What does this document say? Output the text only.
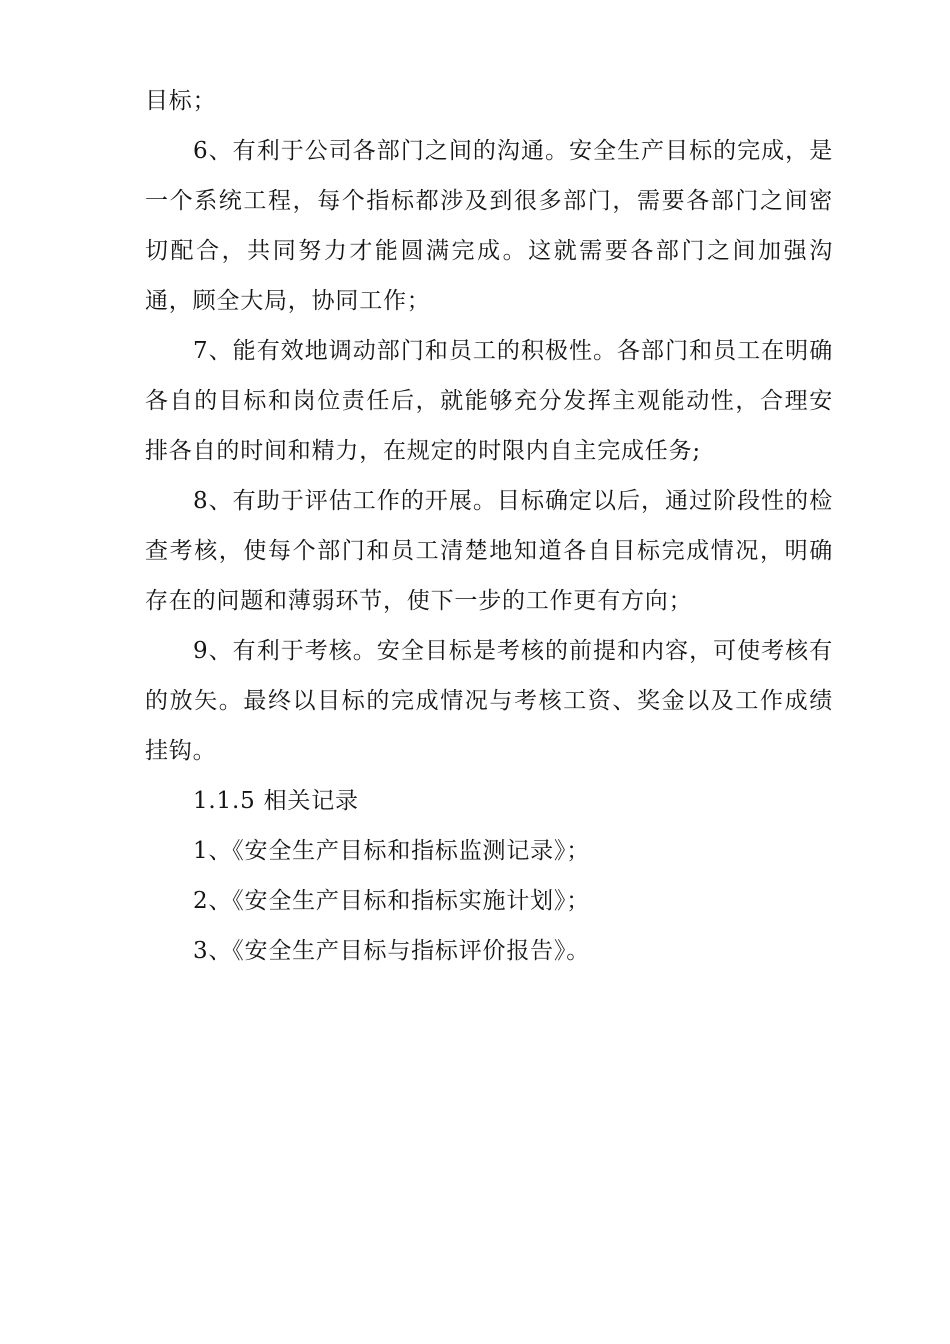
目标；

6、有利于公司各部门之间的沟通。安全生产目标的完成，是一个系统工程，每个指标都涉及到很多部门，需要各部门之间密切配合，共同努力才能圆满完成。这就需要各部门之间加强沟通，顾全大局，协同工作；

7、能有效地调动部门和员工的积极性。各部门和员工在明确各自的目标和岗位责任后，就能够充分发挥主观能动性，合理安排各自的时间和精力，在规定的时限内自主完成任务;

8、有助于评估工作的开展。目标确定以后，通过阶段性的检查考核，使每个部门和员工清楚地知道各自目标完成情况，明确存在的问题和薄弱环节，使下一步的工作更有方向；

9、有利于考核。安全目标是考核的前提和内容，可使考核有的放矢。最终以目标的完成情况与考核工资、奖金以及工作成绩挂钩。

1.1.5 相关记录

1、《安全生产目标和指标监测记录》；

2、《安全生产目标和指标实施计划》；

3、《安全生产目标与指标评价报告》。
